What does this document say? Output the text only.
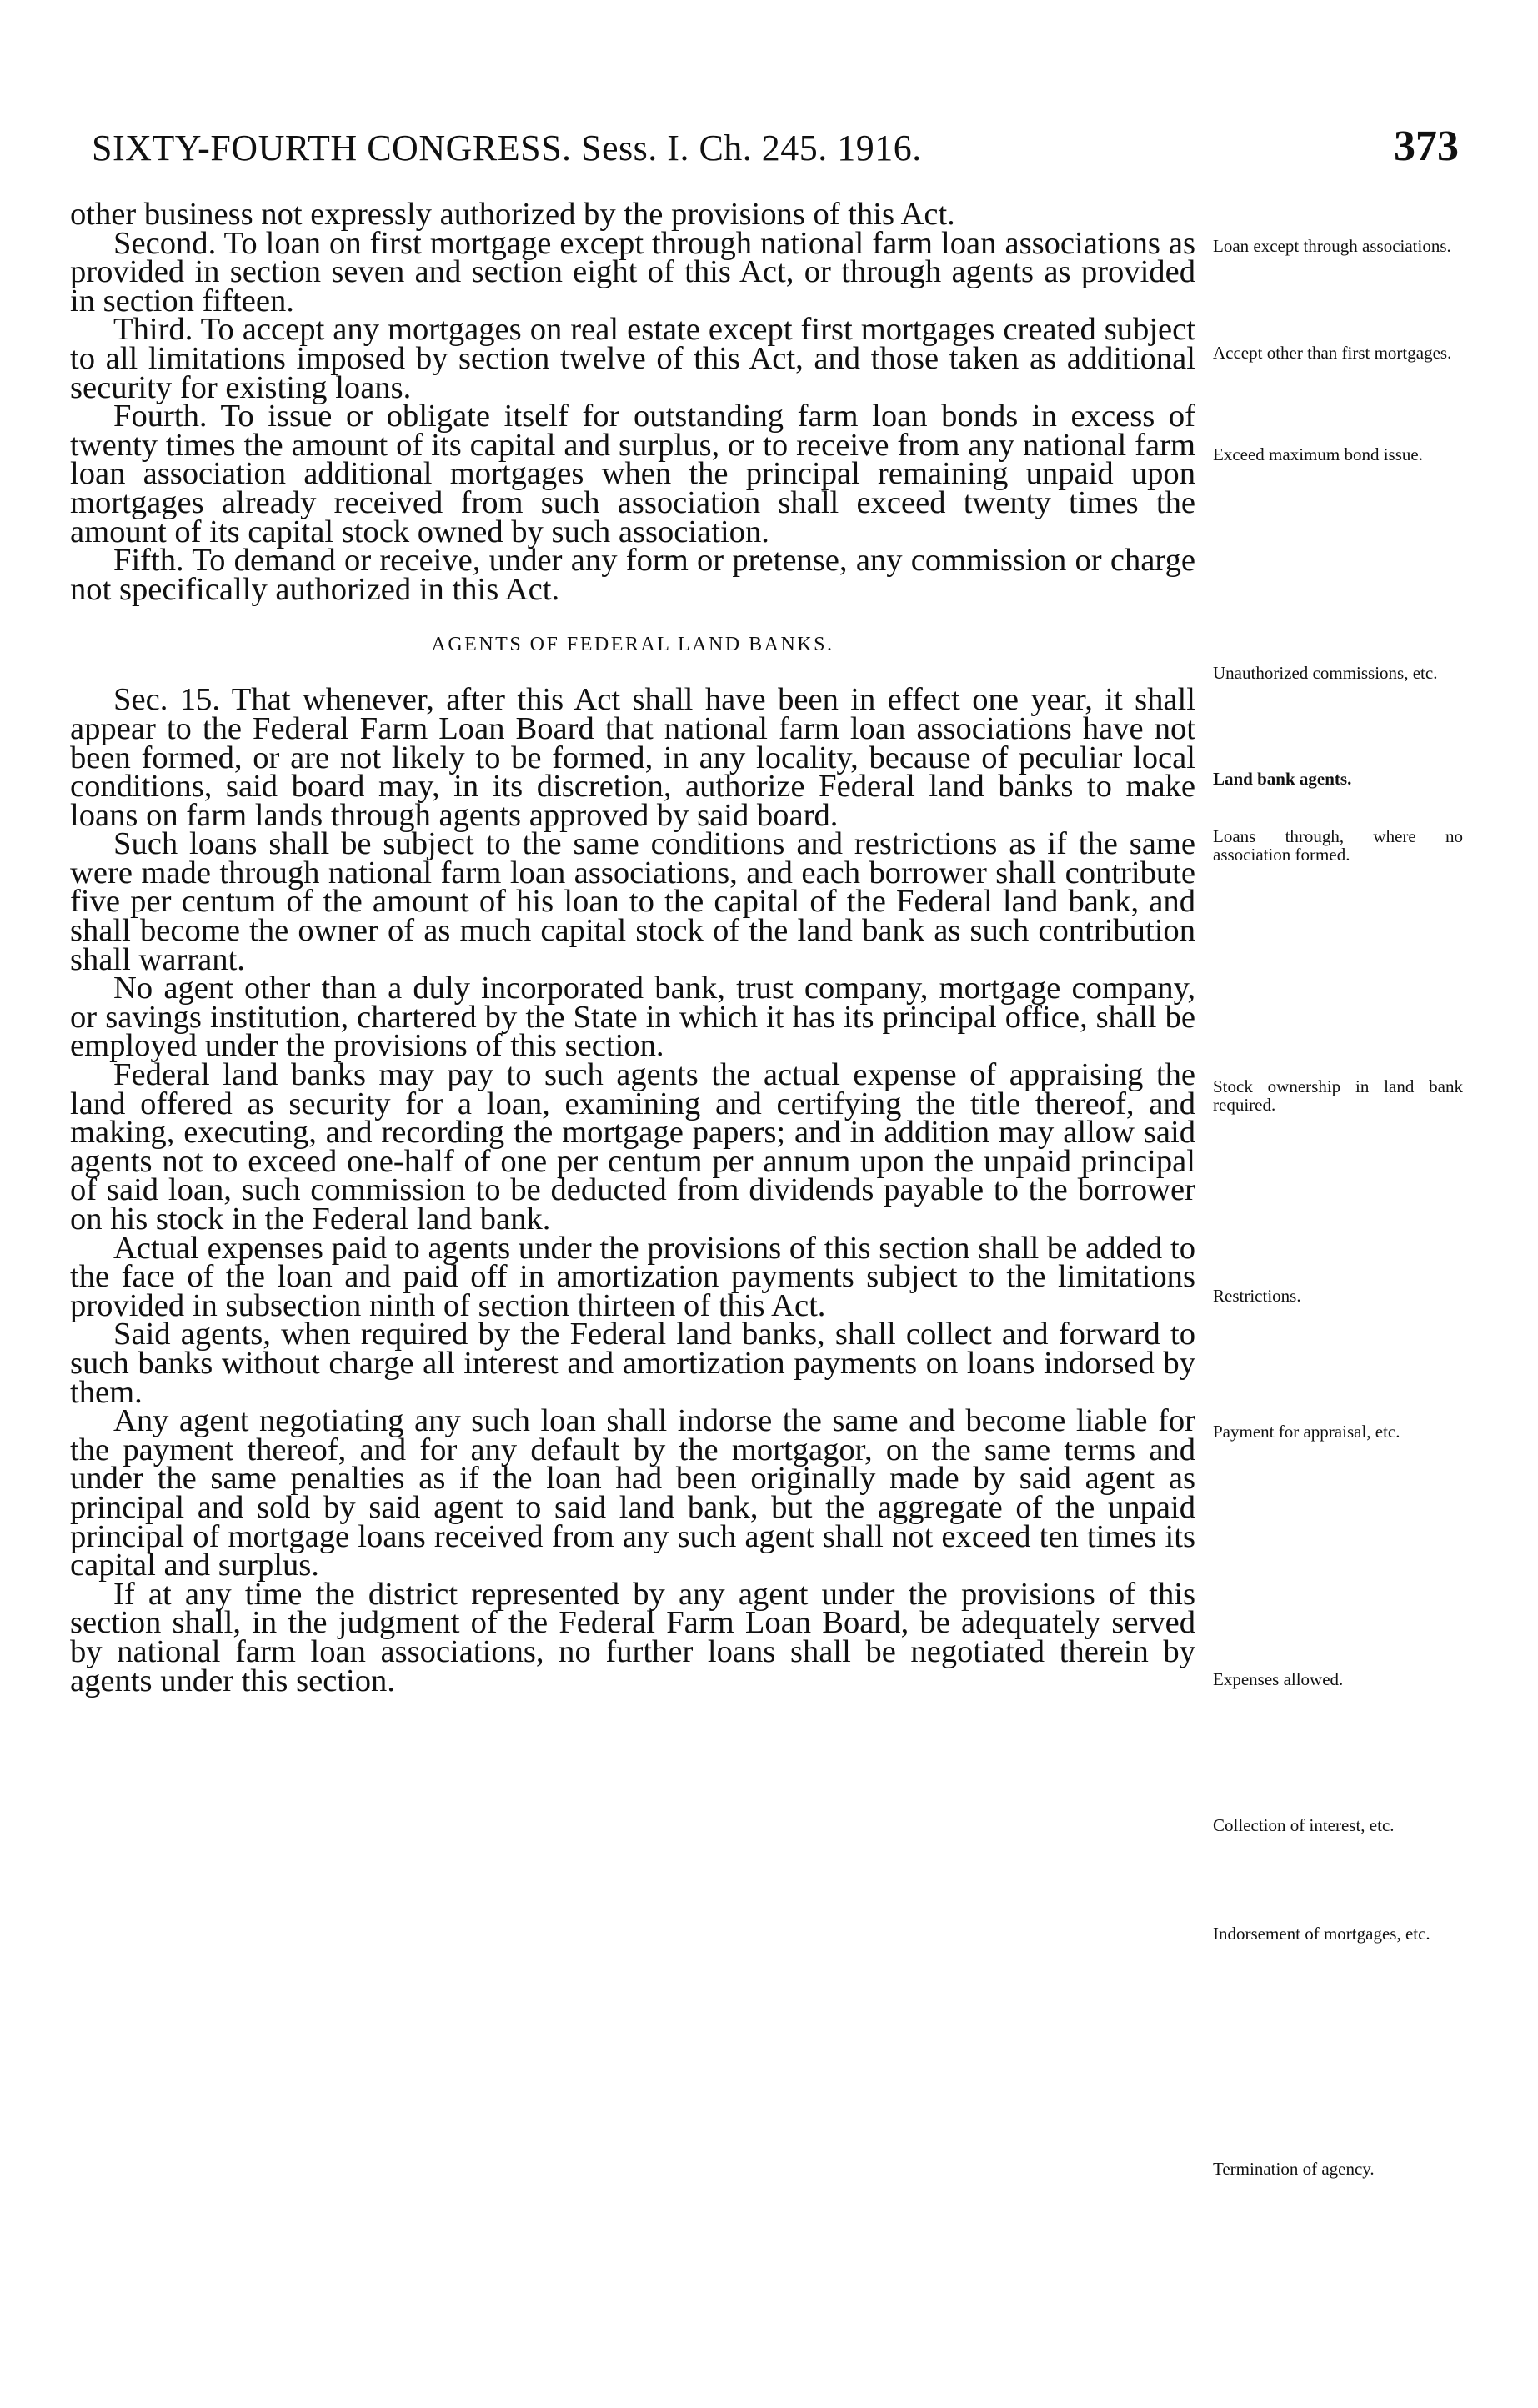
SIXTY-FOURTH CONGRESS. Sess. I. Ch. 245. 1916.	373

other business not expressly authorized by the provisions of this Act.

Second. To loan on first mortgage except through national farm loan associations as provided in section seven and section eight of this Act, or through agents as provided in section fifteen.

Third. To accept any mortgages on real estate except first mortgages created subject to all limitations imposed by section twelve of this Act, and those taken as additional security for existing loans.

Fourth. To issue or obligate itself for outstanding farm loan bonds in excess of twenty times the amount of its capital and surplus, or to receive from any national farm loan association additional mortgages when the principal remaining unpaid upon mortgages already received from such association shall exceed twenty times the amount of its capital stock owned by such association.

Fifth. To demand or receive, under any form or pretense, any commission or charge not specifically authorized in this Act.

AGENTS OF FEDERAL LAND BANKS.

Sec. 15. That whenever, after this Act shall have been in effect one year, it shall appear to the Federal Farm Loan Board that national farm loan associations have not been formed, or are not likely to be formed, in any locality, because of peculiar local conditions, said board may, in its discretion, authorize Federal land banks to make loans on farm lands through agents approved by said board.

Such loans shall be subject to the same conditions and restrictions as if the same were made through national farm loan associations, and each borrower shall contribute five per centum of the amount of his loan to the capital of the Federal land bank, and shall become the owner of as much capital stock of the land bank as such contribution shall warrant.

No agent other than a duly incorporated bank, trust company, mortgage company, or savings institution, chartered by the State in which it has its principal office, shall be employed under the provisions of this section.

Federal land banks may pay to such agents the actual expense of appraising the land offered as security for a loan, examining and certifying the title thereof, and making, executing, and recording the mortgage papers; and in addition may allow said agents not to exceed one-half of one per centum per annum upon the unpaid principal of said loan, such commission to be deducted from dividends payable to the borrower on his stock in the Federal land bank.

Actual expenses paid to agents under the provisions of this section shall be added to the face of the loan and paid off in amortization payments subject to the limitations provided in subsection ninth of section thirteen of this Act.

Said agents, when required by the Federal land banks, shall collect and forward to such banks without charge all interest and amortization payments on loans indorsed by them.

Any agent negotiating any such loan shall indorse the same and become liable for the payment thereof, and for any default by the mortgagor, on the same terms and under the same penalties as if the loan had been originally made by said agent as principal and sold by said agent to said land bank, but the aggregate of the unpaid principal of mortgage loans received from any such agent shall not exceed ten times its capital and surplus.

If at any time the district represented by any agent under the provisions of this section shall, in the judgment of the Federal Farm Loan Board, be adequately served by national farm loan associations, no further loans shall be negotiated therein by agents under this section.

Loan except through associations.
Accept other than first mortgages.
Exceed maximum bond issue.
Unauthorized commissions, etc.
Land bank agents.
Loans through, where no association formed.
Stock ownership in land bank required.
Restrictions.
Payment for appraisal, etc.
Expenses allowed.
Collection of interest, etc.
Indorsement of mortgages, etc.
Termination of agency.
